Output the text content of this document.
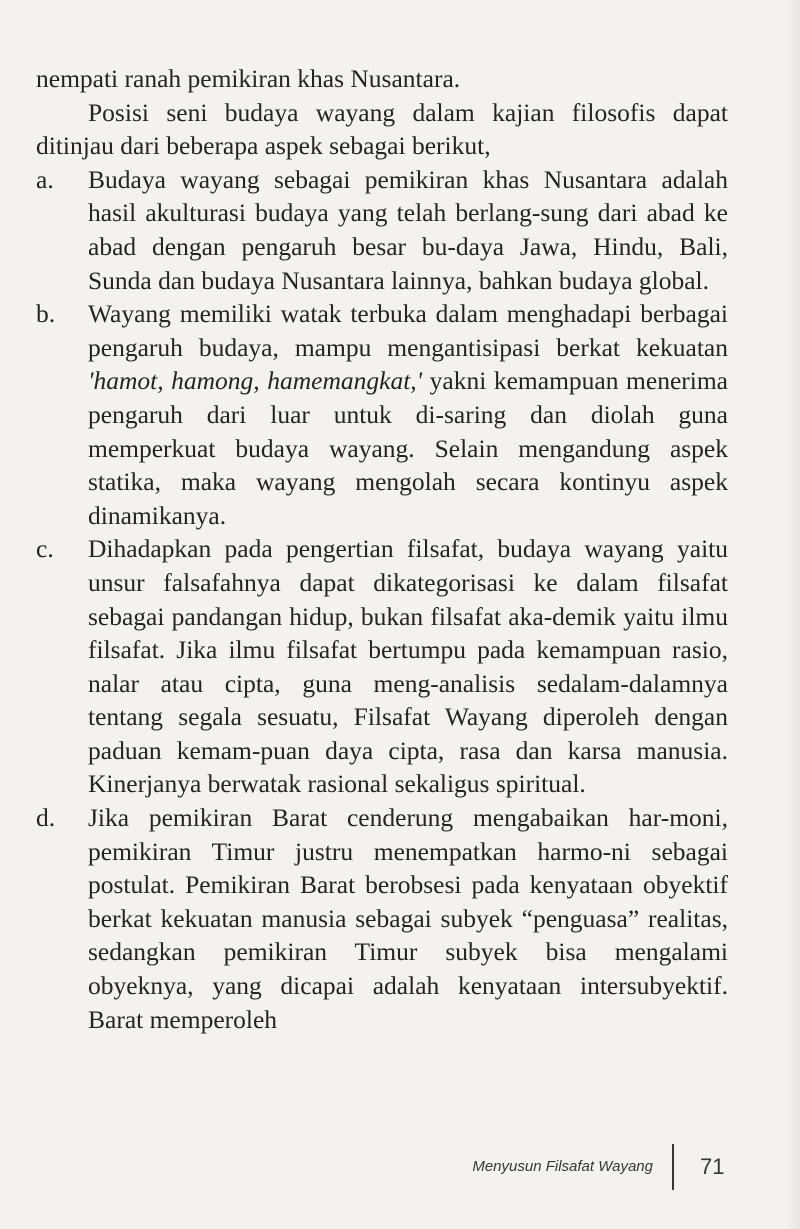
nempati ranah pemikiran khas Nusantara.

Posisi seni budaya wayang dalam kajian filosofis dapat ditinjau dari beberapa aspek sebagai berikut,

a.	Budaya wayang sebagai pemikiran khas Nusantara adalah hasil akulturasi budaya yang telah berlang-sung dari abad ke abad dengan pengaruh besar bu-daya Jawa, Hindu, Bali, Sunda dan budaya Nusantara lainnya, bahkan budaya global.
b.	Wayang memiliki watak terbuka dalam menghadapi berbagai pengaruh budaya, mampu mengantisipasi berkat kekuatan 'hamot, hamong, hamemangkat,' yakni kemampuan menerima pengaruh dari luar untuk di-saring dan diolah guna memperkuat budaya wayang. Selain mengandung aspek statika, maka wayang mengolah secara kontinyu aspek dinamikanya.
c.	Dihadapkan pada pengertian filsafat, budaya wayang yaitu unsur falsafahnya dapat dikategorisasi ke dalam filsafat sebagai pandangan hidup, bukan filsafat aka-demik yaitu ilmu filsafat. Jika ilmu filsafat bertumpu pada kemampuan rasio, nalar atau cipta, guna meng-analisis sedalam-dalamnya tentang segala sesuatu, Filsafat Wayang diperoleh dengan paduan kemam-puan daya cipta, rasa dan karsa manusia. Kinerjanya berwatak rasional sekaligus spiritual.
d.	Jika pemikiran Barat cenderung mengabaikan har-moni, pemikiran Timur justru menempatkan harmo-ni sebagai postulat. Pemikiran Barat berobsesi pada kenyataan obyektif berkat kekuatan manusia sebagai subyek “penguasa” realitas, sedangkan pemikiran Timur subyek bisa mengalami obyeknya, yang dicapai adalah kenyataan intersubyektif. Barat memperoleh
Menyusun Filsafat Wayang 71
